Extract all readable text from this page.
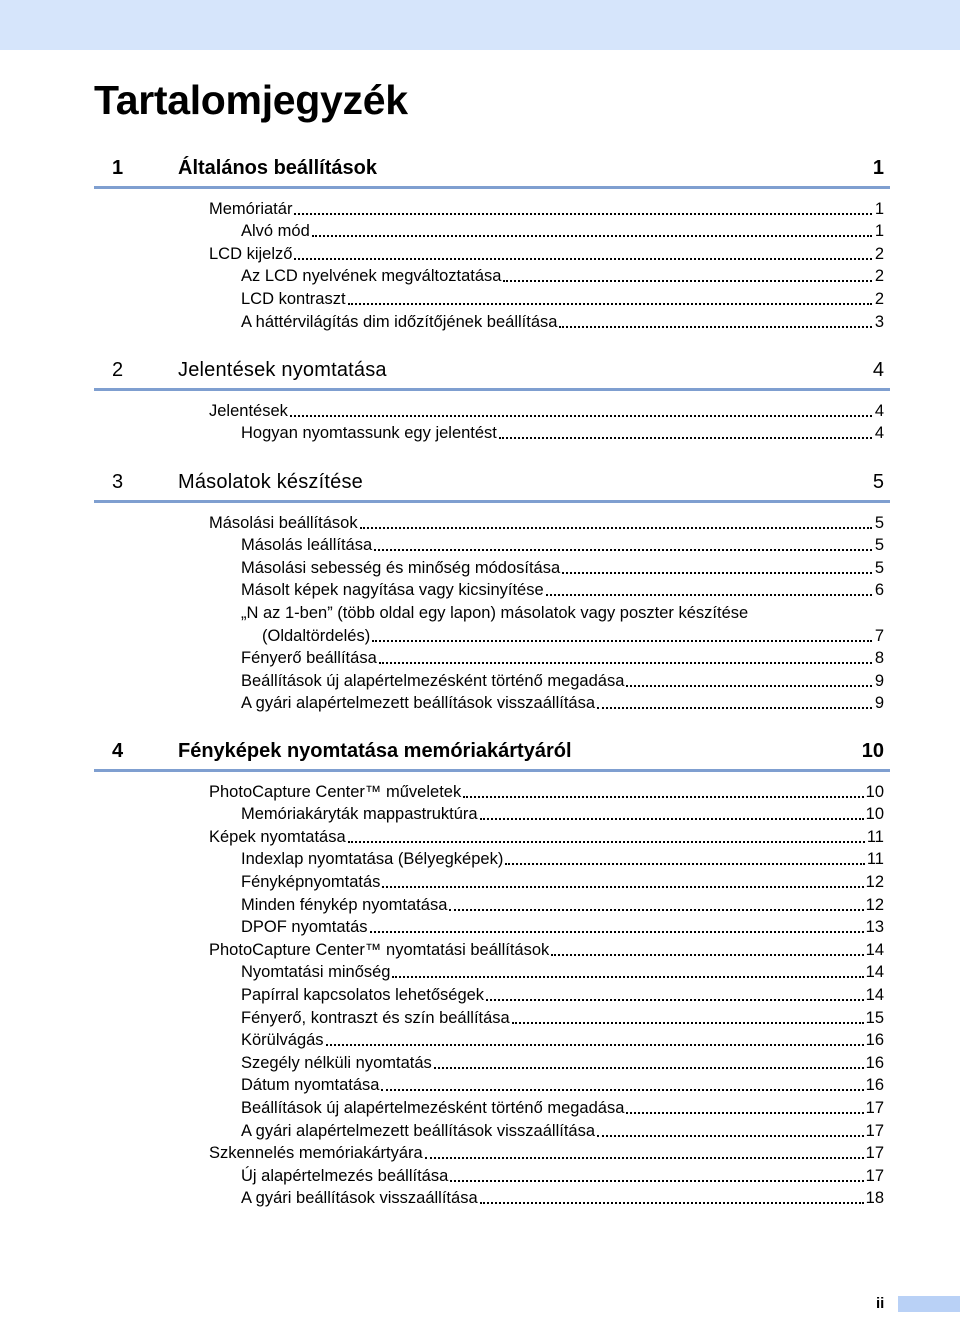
Tartalomjegyzék
1	Általános beállítások	1
Memóriatár	1
Alvó mód	1
LCD kijelző	2
Az LCD nyelvének megváltoztatása	2
LCD kontraszt	2
A háttérvilágítás dim időzítőjének beállítása	3
2	Jelentések nyomtatása	4
Jelentések	4
Hogyan nyomtassunk egy jelentést	4
3	Másolatok készítése	5
Másolási beállítások	5
Másolás leállítása	5
Másolási sebesség és minőség módosítása	5
Másolt képek nagyítása vagy kicsinyítése	6
„N az 1-ben” (több oldal egy lapon) másolatok vagy poszter készítése
(Oldaltördelés)	7
Fényerő beállítása	8
Beállítások új alapértelmezésként történő megadása	9
A gyári alapértelmezett beállítások visszaállítása	9
4	Fényképek nyomtatása memóriakártyáról	10
PhotoCapture Center™ műveletek	10
Memóriakáryták mappastruktúra	10
Képek nyomtatása	11
Indexlap nyomtatása (Bélyegképek)	11
Fényképnyomtatás	12
Minden fénykép nyomtatása	12
DPOF nyomtatás	13
PhotoCapture Center™ nyomtatási beállítások	14
Nyomtatási minőség	14
Papírral kapcsolatos lehetőségek	14
Fényerő, kontraszt és szín beállítása	15
Körülvágás	16
Szegély nélküli nyomtatás	16
Dátum nyomtatása	16
Beállítások új alapértelmezésként történő megadása	17
A gyári alapértelmezett beállítások visszaállítása	17
Szkennelés memóriakártyára	17
Új alapértelmezés beállítása	17
A gyári beállítások visszaállítása	18
ii
